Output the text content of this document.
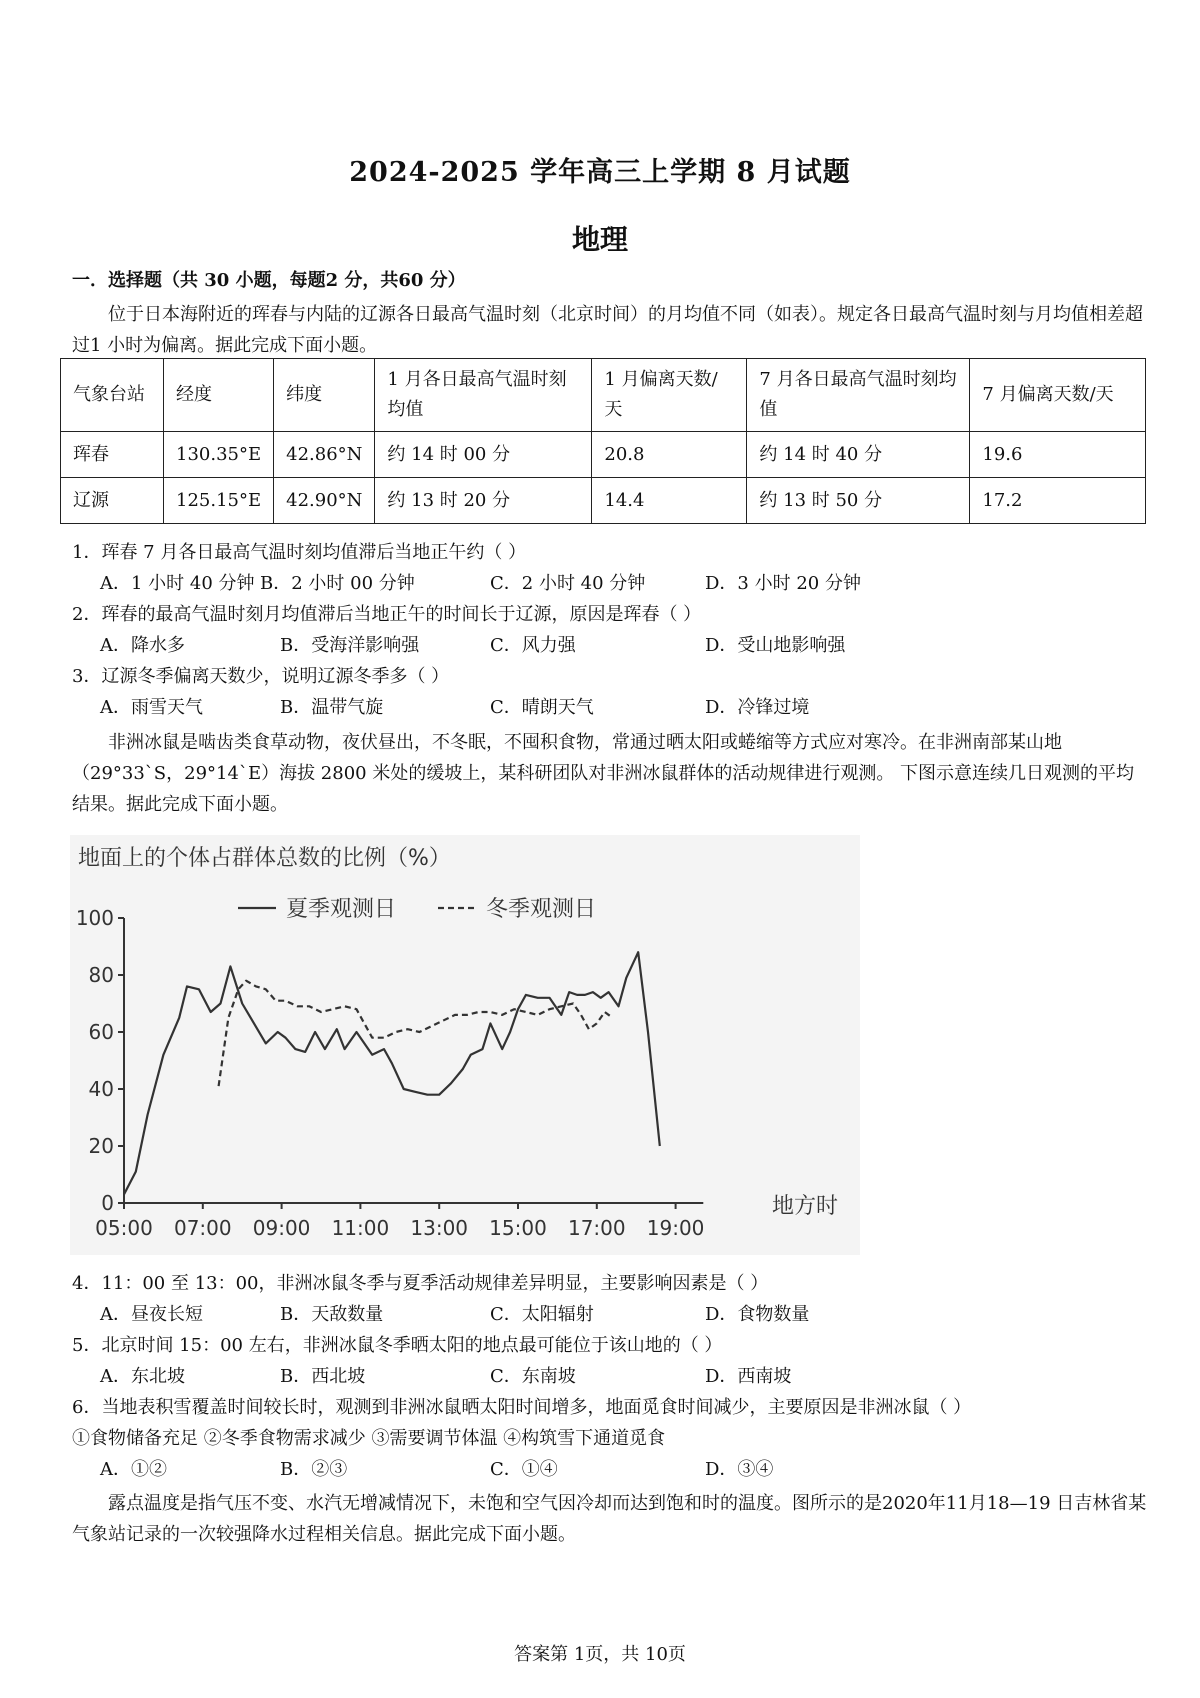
2024-2025 学年高三上学期 8 月试题
地理
一．选择题（共 30 小题，每题2 分，共60 分）
位于日本海附近的珲春与内陆的辽源各日最高气温时刻（北京时间）的月均值不同（如表）。规定各日最高气温时刻与月均值相差超过1 小时为偏离。据此完成下面小题。
气象台站	经度	纬度	1 月各日最高气温时刻均值	1 月偏离天数/天	7 月各日最高气温时刻均值	7 月偏离天数/天
珲春	130.35°E	42.86°N	约 14 时 00 分	20.8	约 14 时 40 分	19.6
辽源	125.15°E	42.90°N	约 13 时 20 分	14.4	约 13 时 50 分	17.2
1．珲春 7 月各日最高气温时刻均值滞后当地正午约（ ）
A．1 小时 40 分钟 B．2 小时 00 分钟	C．2 小时 40 分钟	D．3 小时 20 分钟
2．珲春的最高气温时刻月均值滞后当地正午的时间长于辽源，原因是珲春（ ）
A．降水多	B．受海洋影响强	C．风力强	D．受山地影响强
3．辽源冬季偏离天数少，说明辽源冬季多（ ）
A．雨雪天气	B．温带气旋	C．晴朗天气	D．冷锋过境
非洲冰鼠是啮齿类食草动物，夜伏昼出，不冬眠，不囤积食物，常通过晒太阳或蜷缩等方式应对寒冷。在非洲南部某山地（29°33`S，29°14`E）海拔 2800 米处的缓坡上，某科研团队对非洲冰鼠群体的活动规律进行观测。 下图示意连续几日观测的平均结果。据此完成下面小题。
地面上的个体占群体总数的比例（%）
0
20
40
60
80
100
05:00 07:00 09:00 11:00 13:00 15:00 17:00 19:00
夏季观测日	冬季观测日
地方时
4．11：00 至 13：00，非洲冰鼠冬季与夏季活动规律差异明显，主要影响因素是（ ）
A．昼夜长短	B．天敌数量	C．太阳辐射	D．食物数量
5．北京时间 15：00 左右，非洲冰鼠冬季晒太阳的地点最可能位于该山地的（ ）
A．东北坡	B．西北坡	C．东南坡	D．西南坡
6．当地表积雪覆盖时间较长时，观测到非洲冰鼠晒太阳时间增多，地面觅食时间减少，主要原因是非洲冰鼠（ ）
①食物储备充足 ②冬季食物需求减少 ③需要调节体温 ④构筑雪下通道觅食
A．①②	B．②③	C．①④	D．③④
露点温度是指气压不变、水汽无增减情况下，未饱和空气因冷却而达到饱和时的温度。图所示的是2020年11月18—19 日吉林省某气象站记录的一次较强降水过程相关信息。据此完成下面小题。
答案第 1页，共 10页
